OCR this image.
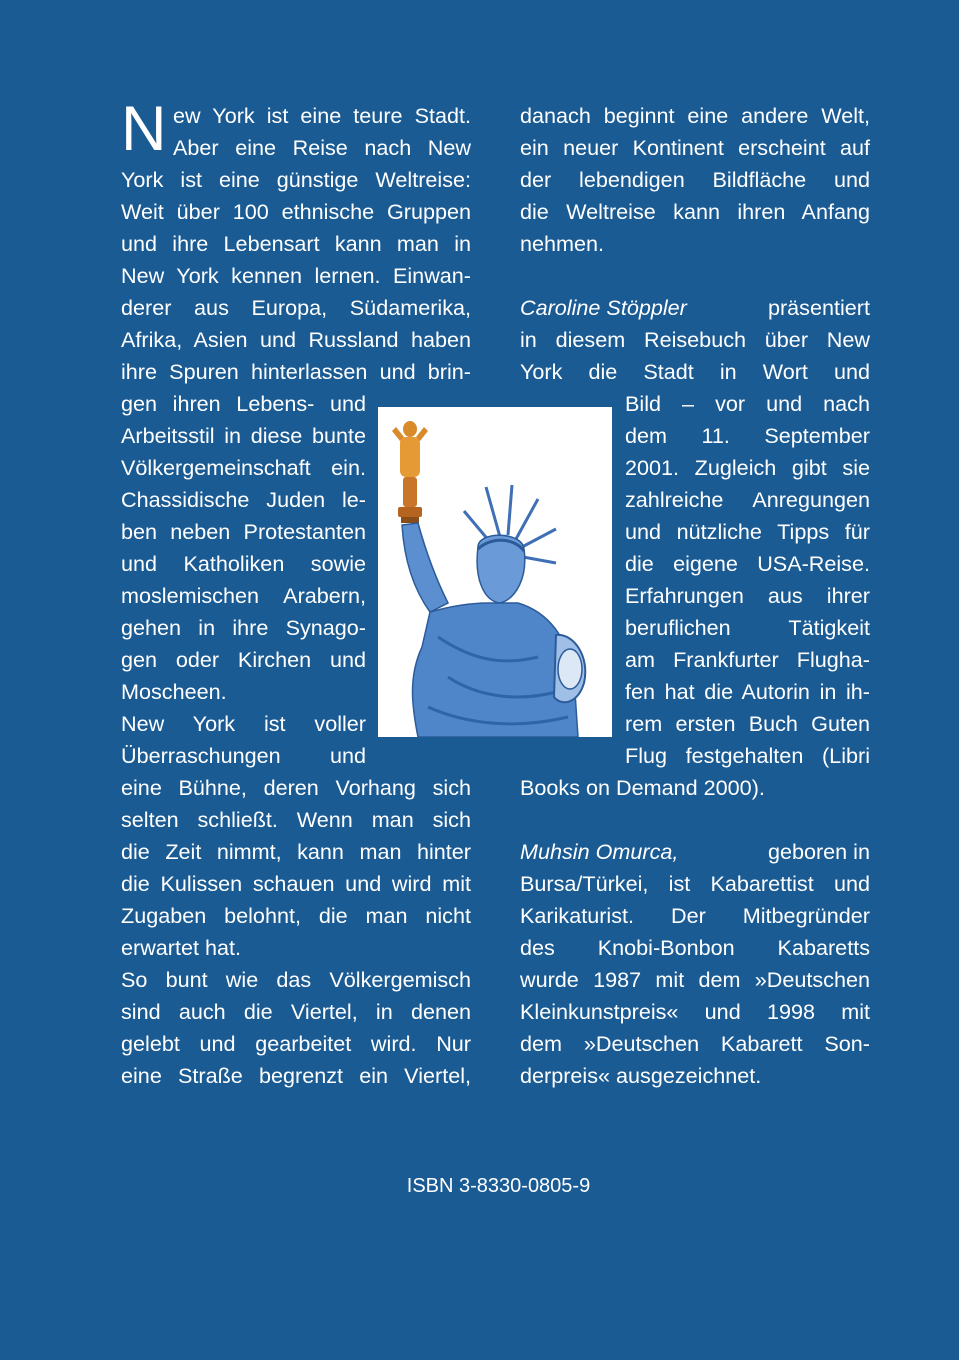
N ew York ist eine teure Stadt.
Aber eine Reise nach New
York ist eine günstige Weltreise:
Weit über 100 ethnische Gruppen
und ihre Lebensart kann man in
New York kennen lernen. Einwan-
derer aus Europa, Südamerika,
Afrika, Asien und Russland haben
ihre Spuren hinterlassen und brin-
gen ihren Lebens- und
Arbeitsstil in diese bunte
Völkergemeinschaft ein.
Chassidische Juden le-
ben neben Protestanten
und Katholiken sowie
moslemischen Arabern,
gehen in ihre Synago-
gen oder Kirchen und
Moscheen.
New York ist voller
Überraschungen und
eine Bühne, deren Vorhang sich
selten schließt. Wenn man sich
die Zeit nimmt, kann man hinter
die Kulissen schauen und wird mit
Zugaben belohnt, die man nicht
erwartet hat.
So bunt wie das Völkergemisch
sind auch die Viertel, in denen
gelebt und gearbeitet wird. Nur
eine Straße begrenzt ein Viertel,
danach beginnt eine andere Welt,
ein neuer Kontinent erscheint auf
der lebendigen Bildfläche und
die Weltreise kann ihren Anfang
nehmen.
Caroline Stöppler	präsentiert
in diesem Reisebuch über New
York die Stadt in Wort und
Bild – vor und nach
dem 11. September
2001. Zugleich gibt sie
zahlreiche Anregungen
und nützliche Tipps für
die eigene USA-Reise.
Erfahrungen aus ihrer
beruflichen Tätigkeit
am Frankfurter Flugha-
fen hat die Autorin in ih-
rem ersten Buch Guten
Flug festgehalten (Libri
Books on Demand 2000).
Muhsin Omurca,	geboren in
Bursa/Türkei, ist Kabarettist und
Karikaturist. Der Mitbegründer
des Knobi-Bonbon Kabaretts
wurde 1987 mit dem »Deutschen
Kleinkunstpreis« und 1998 mit
dem »Deutschen Kabarett Son-
derpreis« ausgezeichnet.
ISBN 3-8330-0805-9
